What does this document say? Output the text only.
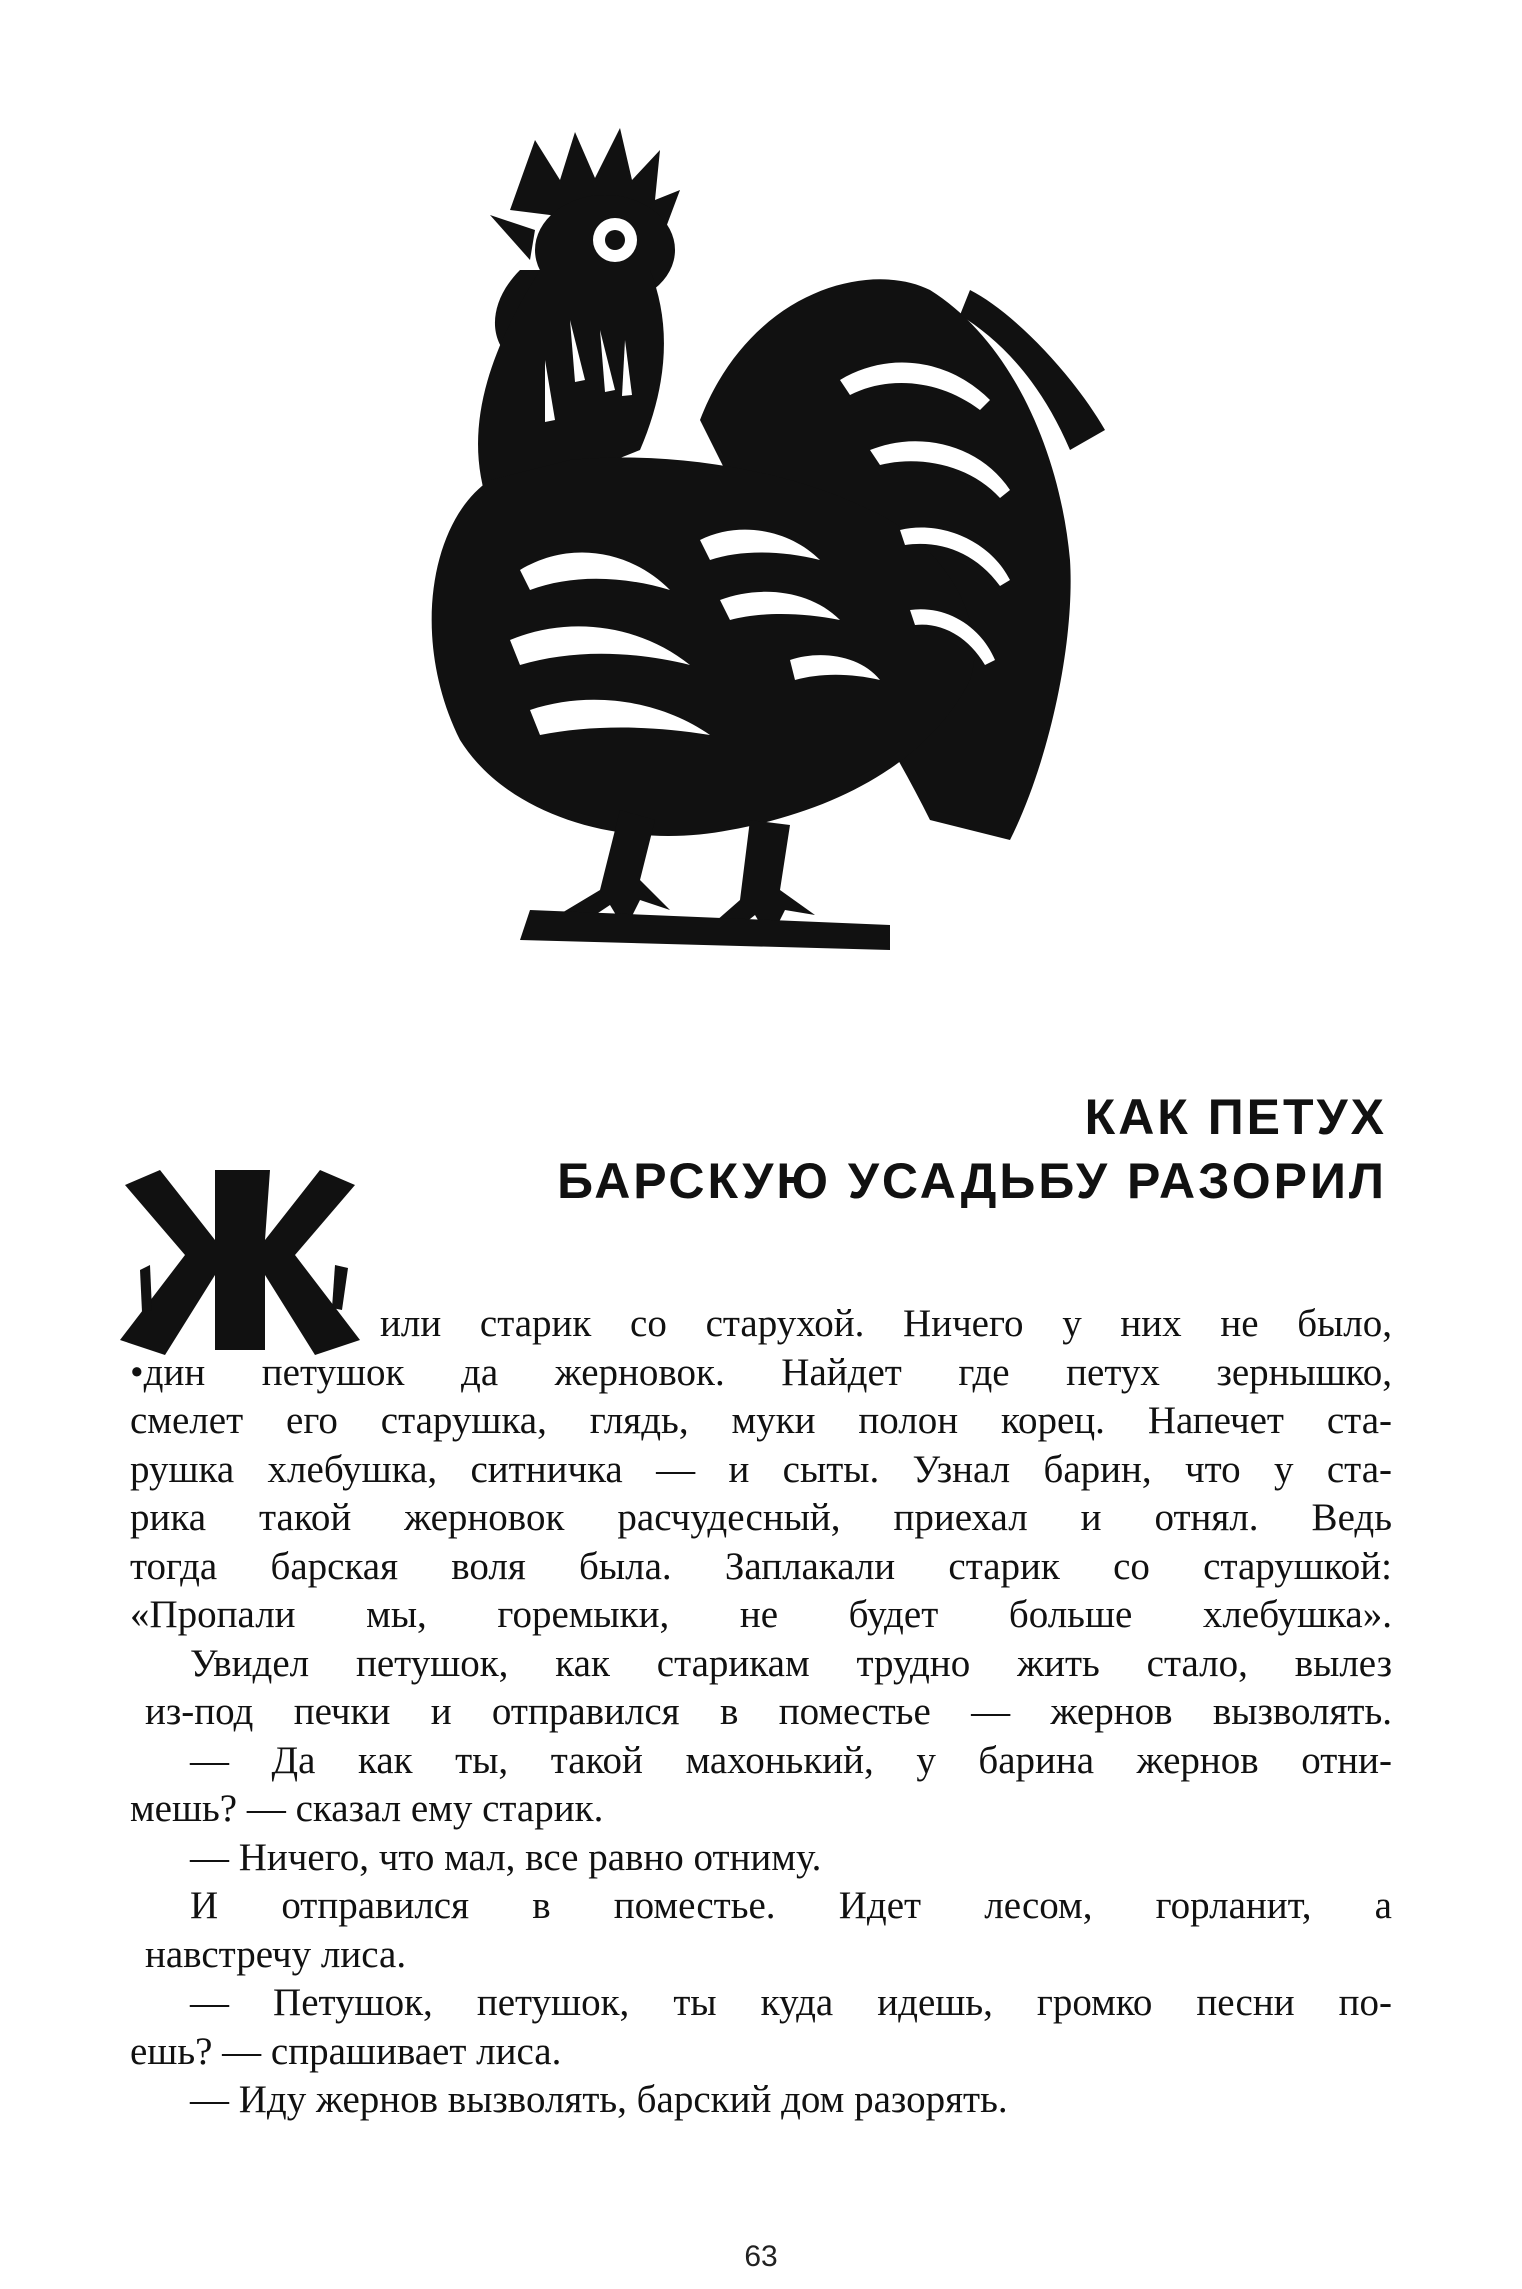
КАК ПЕТУХ
БАРСКУЮ УСАДЬБУ РАЗОРИЛ
или старик со старухой. Ничего у них не было,
•дин петушок да жерновок. Найдет где петух зернышко,
смелет его старушка, глядь, муки полон корец. Напечет ста-
рушка хлебушка, ситничка — и сыты. Узнал барин, что у ста-
рика такой жерновок расчудесный, приехал и отнял. Ведь
тогда барская воля была. Заплакали старик со старушкой:
«Пропали мы, горемыки, не будет больше хлебушка».
Увидел петушок, как старикам трудно жить стало, вылез
из-под печки и отправился в поместье — жернов вызволять.
— Да как ты, такой махонький, у барина жернов отни-
мешь? — сказал ему старик.
— Ничего, что мал, все равно отниму.
И отправился в поместье. Идет лесом, горланит, а
навстречу лиса.
— Петушок, петушок, ты куда идешь, громко песни по-
ешь? — спрашивает лиса.
— Иду жернов вызволять, барский дом разорять.
63
